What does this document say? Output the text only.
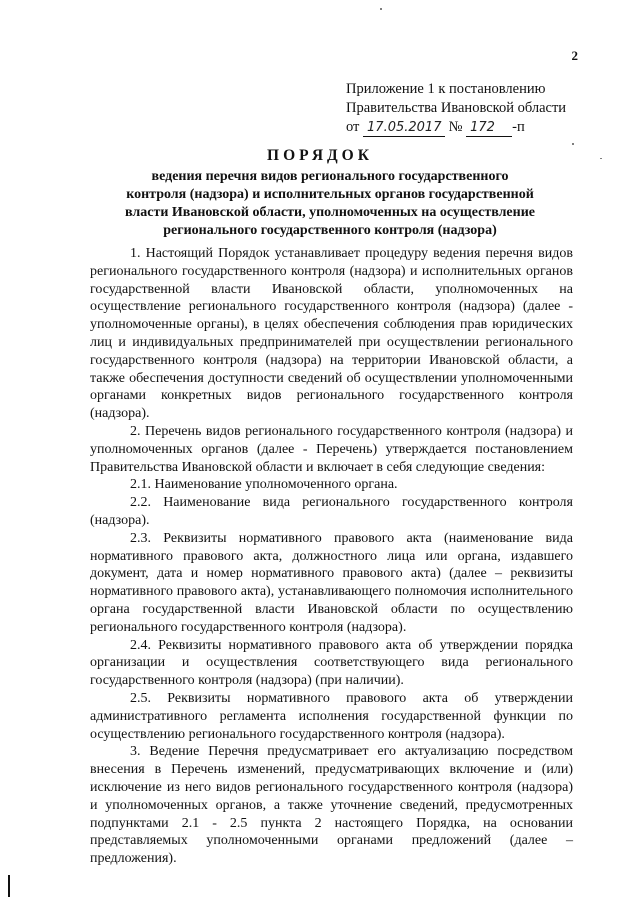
2
Приложение 1 к постановлению
Правительства Ивановской области
от 17.05.2017 № 172 -п
ПОРЯДОК
ведения перечня видов регионального государственного контроля (надзора) и исполнительных органов государственной власти Ивановской области, уполномоченных на осуществление регионального государственного контроля (надзора)

1. Настоящий Порядок устанавливает процедуру ведения перечня видов регионального государственного контроля (надзора) и исполнительных органов государственной власти Ивановской области, уполномоченных на осуществление регионального государственного контроля (надзора) (далее - уполномоченные органы), в целях обеспечения соблюдения прав юридических лиц и индивидуальных предпринимателей при осуществлении регионального государственного контроля (надзора) на территории Ивановской области, а также обеспечения доступности сведений об осуществлении уполномоченными органами конкретных видов регионального государственного контроля (надзора).

2. Перечень видов регионального государственного контроля (надзора) и уполномоченных органов (далее - Перечень) утверждается постановлением Правительства Ивановской области и включает в себя следующие сведения:

2.1. Наименование уполномоченного органа.

2.2. Наименование вида регионального государственного контроля (надзора).

2.3. Реквизиты нормативного правового акта (наименование вида нормативного правового акта, должностного лица или органа, издавшего документ, дата и номер нормативного правового акта) (далее – реквизиты нормативного правового акта), устанавливающего полномочия исполнительного органа государственной власти Ивановской области по осуществлению регионального государственного контроля (надзора).

2.4. Реквизиты нормативного правового акта об утверждении порядка организации и осуществления соответствующего вида регионального государственного контроля (надзора) (при наличии).

2.5. Реквизиты нормативного правового акта об утверждении административного регламента исполнения государственной функции по осуществлению регионального государственного контроля (надзора).

3. Ведение Перечня предусматривает его актуализацию посредством внесения в Перечень изменений, предусматривающих включение и (или) исключение из него видов регионального государственного контроля (надзора) и уполномоченных органов, а также уточнение сведений, предусмотренных подпунктами 2.1 - 2.5 пункта 2 настоящего Порядка, на основании представляемых уполномоченными органами предложений (далее – предложения).
